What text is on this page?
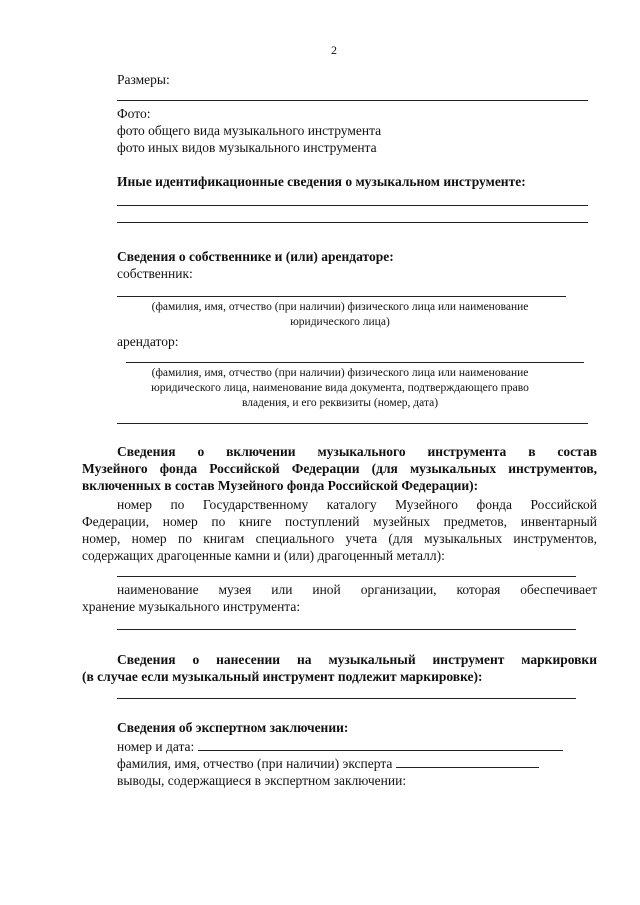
2
Размеры:
Фото:
фото общего вида музыкального инструмента
фото иных видов музыкального инструмента
Иные идентификационные сведения о музыкальном инструменте:
Сведения о собственнике и (или) арендаторе:
собственник:
(фамилия, имя, отчество (при наличии) физического лица или наименование
юридического лица)
арендатор:
(фамилия, имя, отчество (при наличии) физического лица или наименование
юридического лица, наименование вида документа, подтверждающего право
владения, и его реквизиты (номер, дата)
Сведения о включении музыкального инструмента в состав
Музейного фонда Российской Федерации (для музыкальных инструментов,
включенных в состав Музейного фонда Российской Федерации):
номер по Государственному каталогу Музейного фонда Российской
Федерации, номер по книге поступлений музейных предметов, инвентарный
номер, номер по книгам специального учета (для музыкальных инструментов,
содержащих драгоценные камни и (или) драгоценный металл):
наименование музея или иной организации, которая обеспечивает
хранение музыкального инструмента:
Сведения о нанесении на музыкальный инструмент маркировки
(в случае если музыкальный инструмент подлежит маркировке):
Сведения об экспертном заключении:
номер и дата:
фамилия, имя, отчество (при наличии) эксперта
выводы, содержащиеся в экспертном заключении:
